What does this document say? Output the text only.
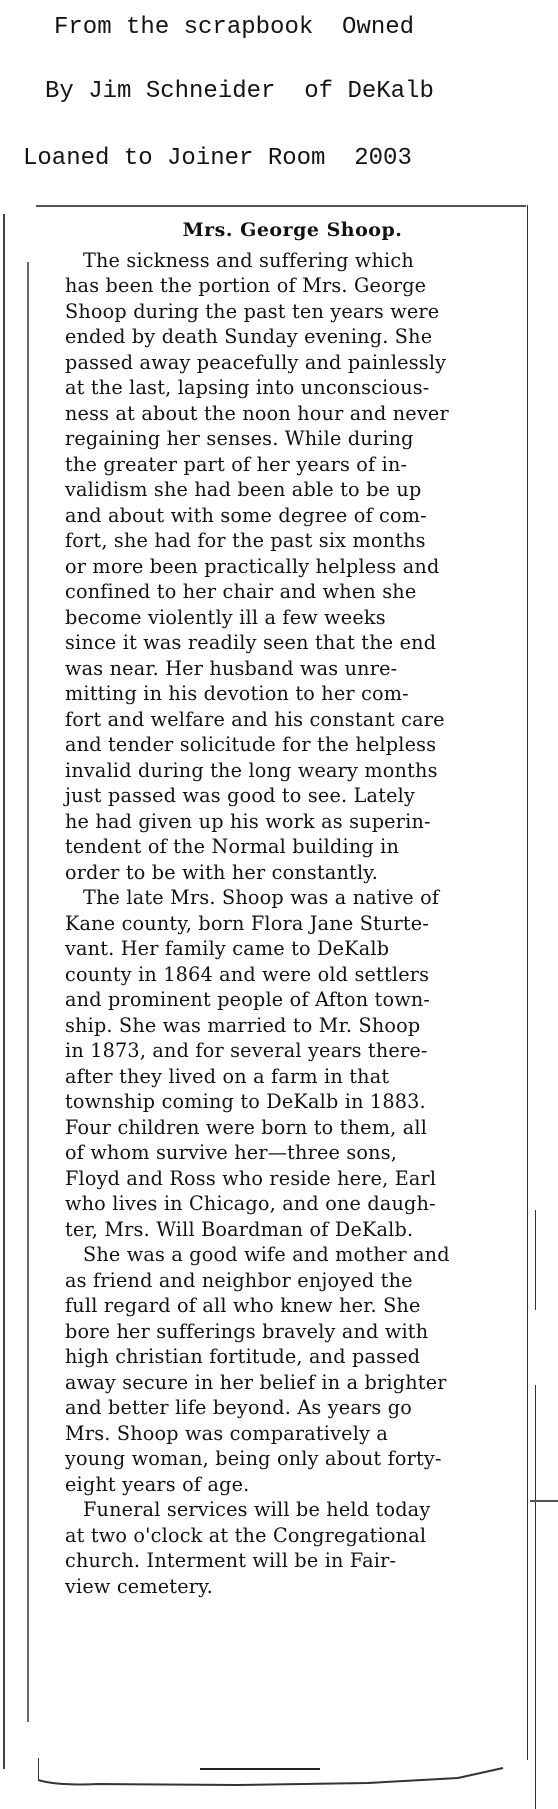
From the scrapbook  Owned
By Jim Schneider  of DeKalb
Loaned to Joiner Room  2003
Mrs. George Shoop.
The sickness and suffering which
has been the portion of Mrs. George
Shoop during the past ten years were
ended by death Sunday evening. She
passed away peacefully and painlessly
at the last, lapsing into unconscious-
ness at about the noon hour and never
regaining her senses. While during
the greater part of her years of in-
validism she had been able to be up
and about with some degree of com-
fort, she had for the past six months
or more been practically helpless and
confined to her chair and when she
become violently ill a few weeks
since it was readily seen that the end
was near. Her husband was unre-
mitting in his devotion to her com-
fort and welfare and his constant care
and tender solicitude for the helpless
invalid during the long weary months
just passed was good to see. Lately
he had given up his work as superin-
tendent of the Normal building in
order to be with her constantly.
The late Mrs. Shoop was a native of
Kane county, born Flora Jane Sturte-
vant. Her family came to DeKalb
county in 1864 and were old settlers
and prominent people of Afton town-
ship. She was married to Mr. Shoop
in 1873, and for several years there-
after they lived on a farm in that
township coming to DeKalb in 1883.
Four children were born to them, all
of whom survive her—three sons,
Floyd and Ross who reside here, Earl
who lives in Chicago, and one daugh-
ter, Mrs. Will Boardman of DeKalb.
She was a good wife and mother and
as friend and neighbor enjoyed the
full regard of all who knew her. She
bore her sufferings bravely and with
high christian fortitude, and passed
away secure in her belief in a brighter
and better life beyond. As years go
Mrs. Shoop was comparatively a
young woman, being only about forty-
eight years of age.
Funeral services will be held today
at two o'clock at the Congregational
church. Interment will be in Fair-
view cemetery.
